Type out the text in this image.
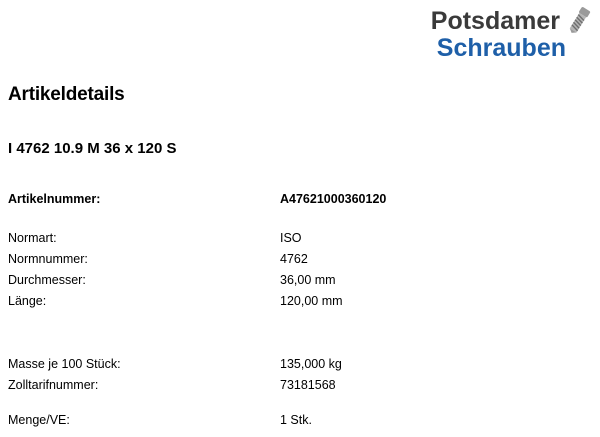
Potsdamer
Schrauben
Artikeldetails
I 4762 10.9 M 36 x 120 S
Artikelnummer:	A47621000360120

Normart:	ISO
Normnummer:	4762
Durchmesser:	36,00 mm
Länge:	120,00 mm

Masse je 100 Stück:	135,000 kg
Zolltarifnummer:	73181568

Menge/VE:	1 Stk.
